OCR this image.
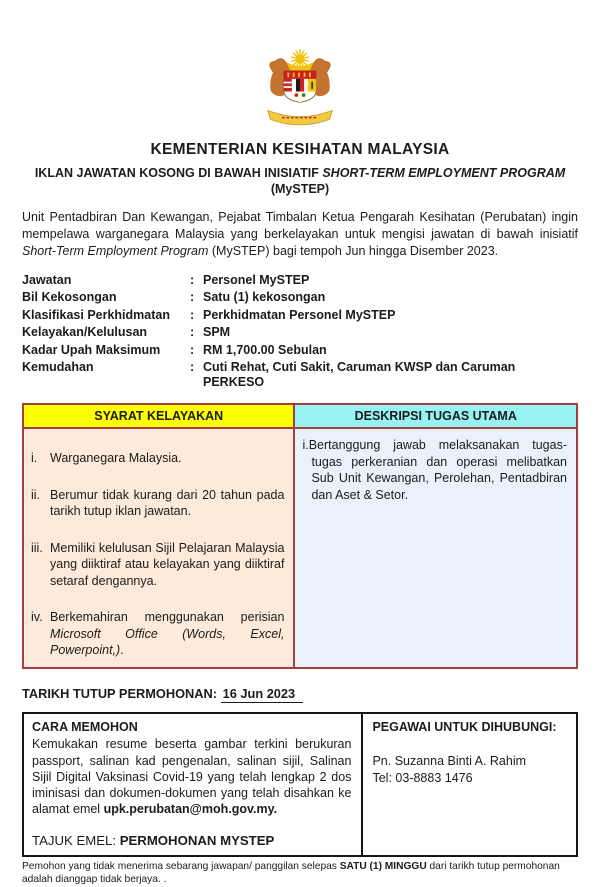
KEMENTERIAN KESIHATAN MALAYSIA
IKLAN JAWATAN KOSONG DI BAWAH INISIATIF SHORT-TERM EMPLOYMENT PROGRAM
(MySTEP)

Unit Pentadbiran Dan Kewangan, Pejabat Timbalan Ketua Pengarah Kesihatan (Perubatan) ingin mempelawa warganegara Malaysia yang berkelayakan untuk mengisi jawatan di bawah inisiatif Short-Term Employment Program (MySTEP) bagi tempoh Jun hingga Disember 2023.

Jawatan	: Personel MySTEP
Bil Kekosongan	: Satu (1) kekosongan
Klasifikasi Perkhidmatan	: Perkhidmatan Personel MySTEP
Kelayakan/Kelulusan	: SPM
Kadar Upah Maksimum	: RM 1,700.00 Sebulan
Kemudahan	: Cuti Rehat, Cuti Sakit, Caruman KWSP dan Caruman PERKESO
SYARAT KELAYAKAN	DESKRIPSI TUGAS UTAMA

i.	Warganegara Malaysia.
ii. Berumur tidak kurang dari 20 tahun pada tarikh tutup iklan jawatan.
iii. Memiliki kelulusan Sijil Pelajaran Malaysia yang diiktiraf atau kelayakan yang diiktiraf setaraf dengannya.
iv. Berkemahiran menggunakan perisian Microsoft Office (Words, Excel, Powerpoint,).

i.Bertanggung jawab melaksanakan tugas-tugas perkeranian dan operasi melibatkan Sub Unit Kewangan, Perolehan, Pentadbiran dan Aset & Setor.
TARIKH TUTUP PERMOHONAN: 16 Jun 2023
CARA MEMOHON
Kemukakan resume beserta gambar terkini berukuran passport, salinan kad pengenalan, salinan sijil, Salinan Sijil Digital Vaksinasi Covid-19 yang telah lengkap 2 dos iminisasi dan dokumen-dokumen yang telah disahkan ke alamat emel upk.perubatan@moh.gov.my.
TAJUK EMEL: PERMOHONAN MYSTEP
PEGAWAI UNTUK DIHUBUNGI:
Pn. Suzanna Binti A. Rahim
Tel: 03-8883 1476

Pemohon yang tidak menerima sebarang jawapan/ panggilan selepas SATU (1) MINGGU dari tarikh tutup permohonan adalah dianggap tidak berjaya. .
